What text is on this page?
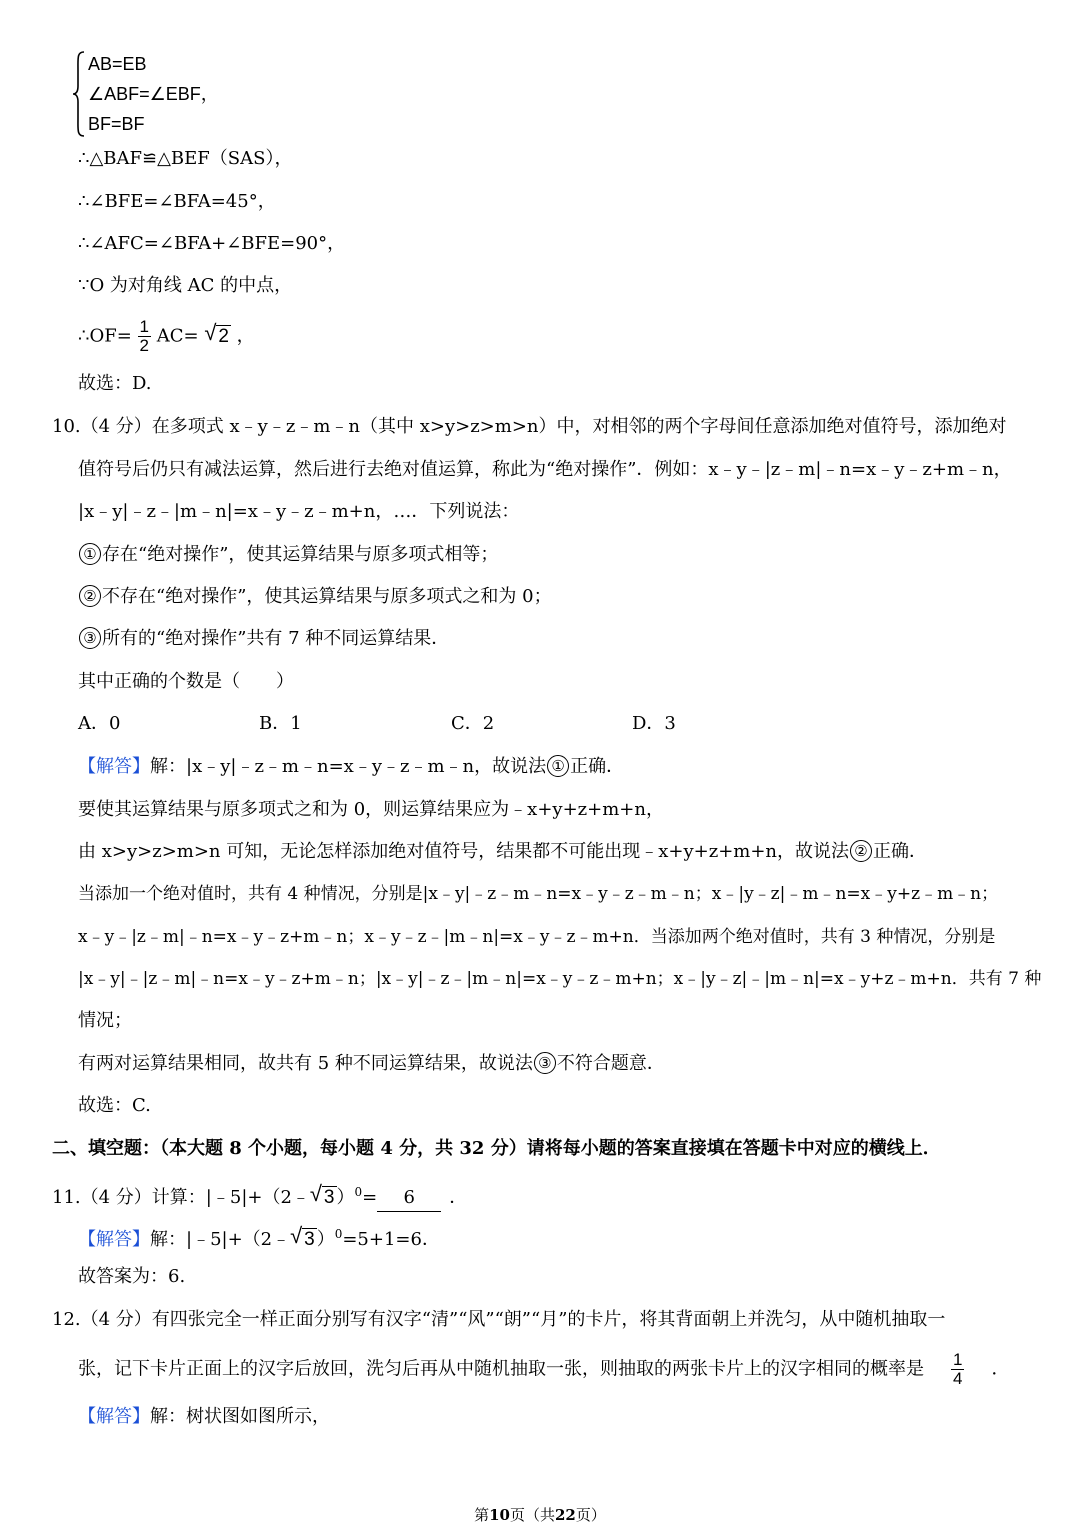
AB=EB
∠ABF=∠EBF，
BF=BF
∴△BAF≌△BEF（SAS），
∴∠BFE=∠BFA=45°，
∴∠AFC=∠BFA+∠BFE=90°，
∵O 为对角线 AC 的中点，
∴OF= $\frac{1}{2} AC=$ √ 2 ，
故选：D.
10.（4 分）在多项式 x﹣y﹣z﹣m﹣n（其中 x>y>z>m>n）中，对相邻的两个字母间任意添加绝对值符号，添加绝对
值符号后仍只有减法运算，然后进行去绝对值运算，称此为“绝对操作”．例如：x﹣y﹣|z﹣m|﹣n=x﹣y﹣z+m﹣n，
|x﹣y|﹣z﹣|m﹣n|=x﹣y﹣z﹣m+n，…．下列说法：
① 存在“绝对操作”，使其运算结果与原多项式相等；
② 不存在“绝对操作”，使其运算结果与原多项式之和为 0；
③ 所有的“绝对操作”共有 7 种不同运算结果．
其中正确的个数是（　　）
A．0	B．1	C．2	D．3
【解答】解：|x﹣y|﹣z﹣m﹣n=x﹣y﹣z﹣m﹣n，故说法 ① 正确．
要使其运算结果与原多项式之和为 0，则运算结果应为﹣x+y+z+m+n，
由 x>y>z>m>n 可知，无论怎样添加绝对值符号，结果都不可能出现﹣x+y+z+m+n，故说法 ② 正确．
当添加一个绝对值时，共有 4 种情况，分别是|x﹣y|﹣z﹣m﹣n=x﹣y﹣z﹣m﹣n；x﹣|y﹣z|﹣m﹣n=x﹣y+z﹣m﹣n；
x﹣y﹣|z﹣m|﹣n=x﹣y﹣z+m﹣n；x﹣y﹣z﹣|m﹣n|=x﹣y﹣z﹣m+n．当添加两个绝对值时，共有 3 种情况，分别是
|x﹣y|﹣|z﹣m|﹣n=x﹣y﹣z+m﹣n；|x﹣y|﹣z﹣|m﹣n|=x﹣y﹣z﹣m+n；x﹣|y﹣z|﹣|m﹣n|=x﹣y+z﹣m+n．共有 7 种
情况；
有两对运算结果相同，故共有 5 种不同运算结果，故说法 ③ 不符合题意．
故选：C.
二、填空题：（本大题 8 个小题，每小题 4 分，共 32 分）请将每小题的答案直接填在答题卡中对应的横线上．
11.（4 分）计算：|﹣5|+（2﹣ √ 3 ）$^0$= 6 ．
【解答】解：|﹣5|+（2﹣ √ 3 ）$^0$=5+1=6．
故答案为：6.
12.（4 分）有四张完全一样正面分别写有汉字“清”“风”“朗”“月”的卡片，将其背面朝上并洗匀，从中随机抽取一
张，记下卡片正面上的汉字后放回，洗匀后再从中随机抽取一张，则抽取的两张卡片上的汉字相同的概率是 $\frac{1}{4}$ ．
【解答】解：树状图如图所示，
第10页（共22页）
